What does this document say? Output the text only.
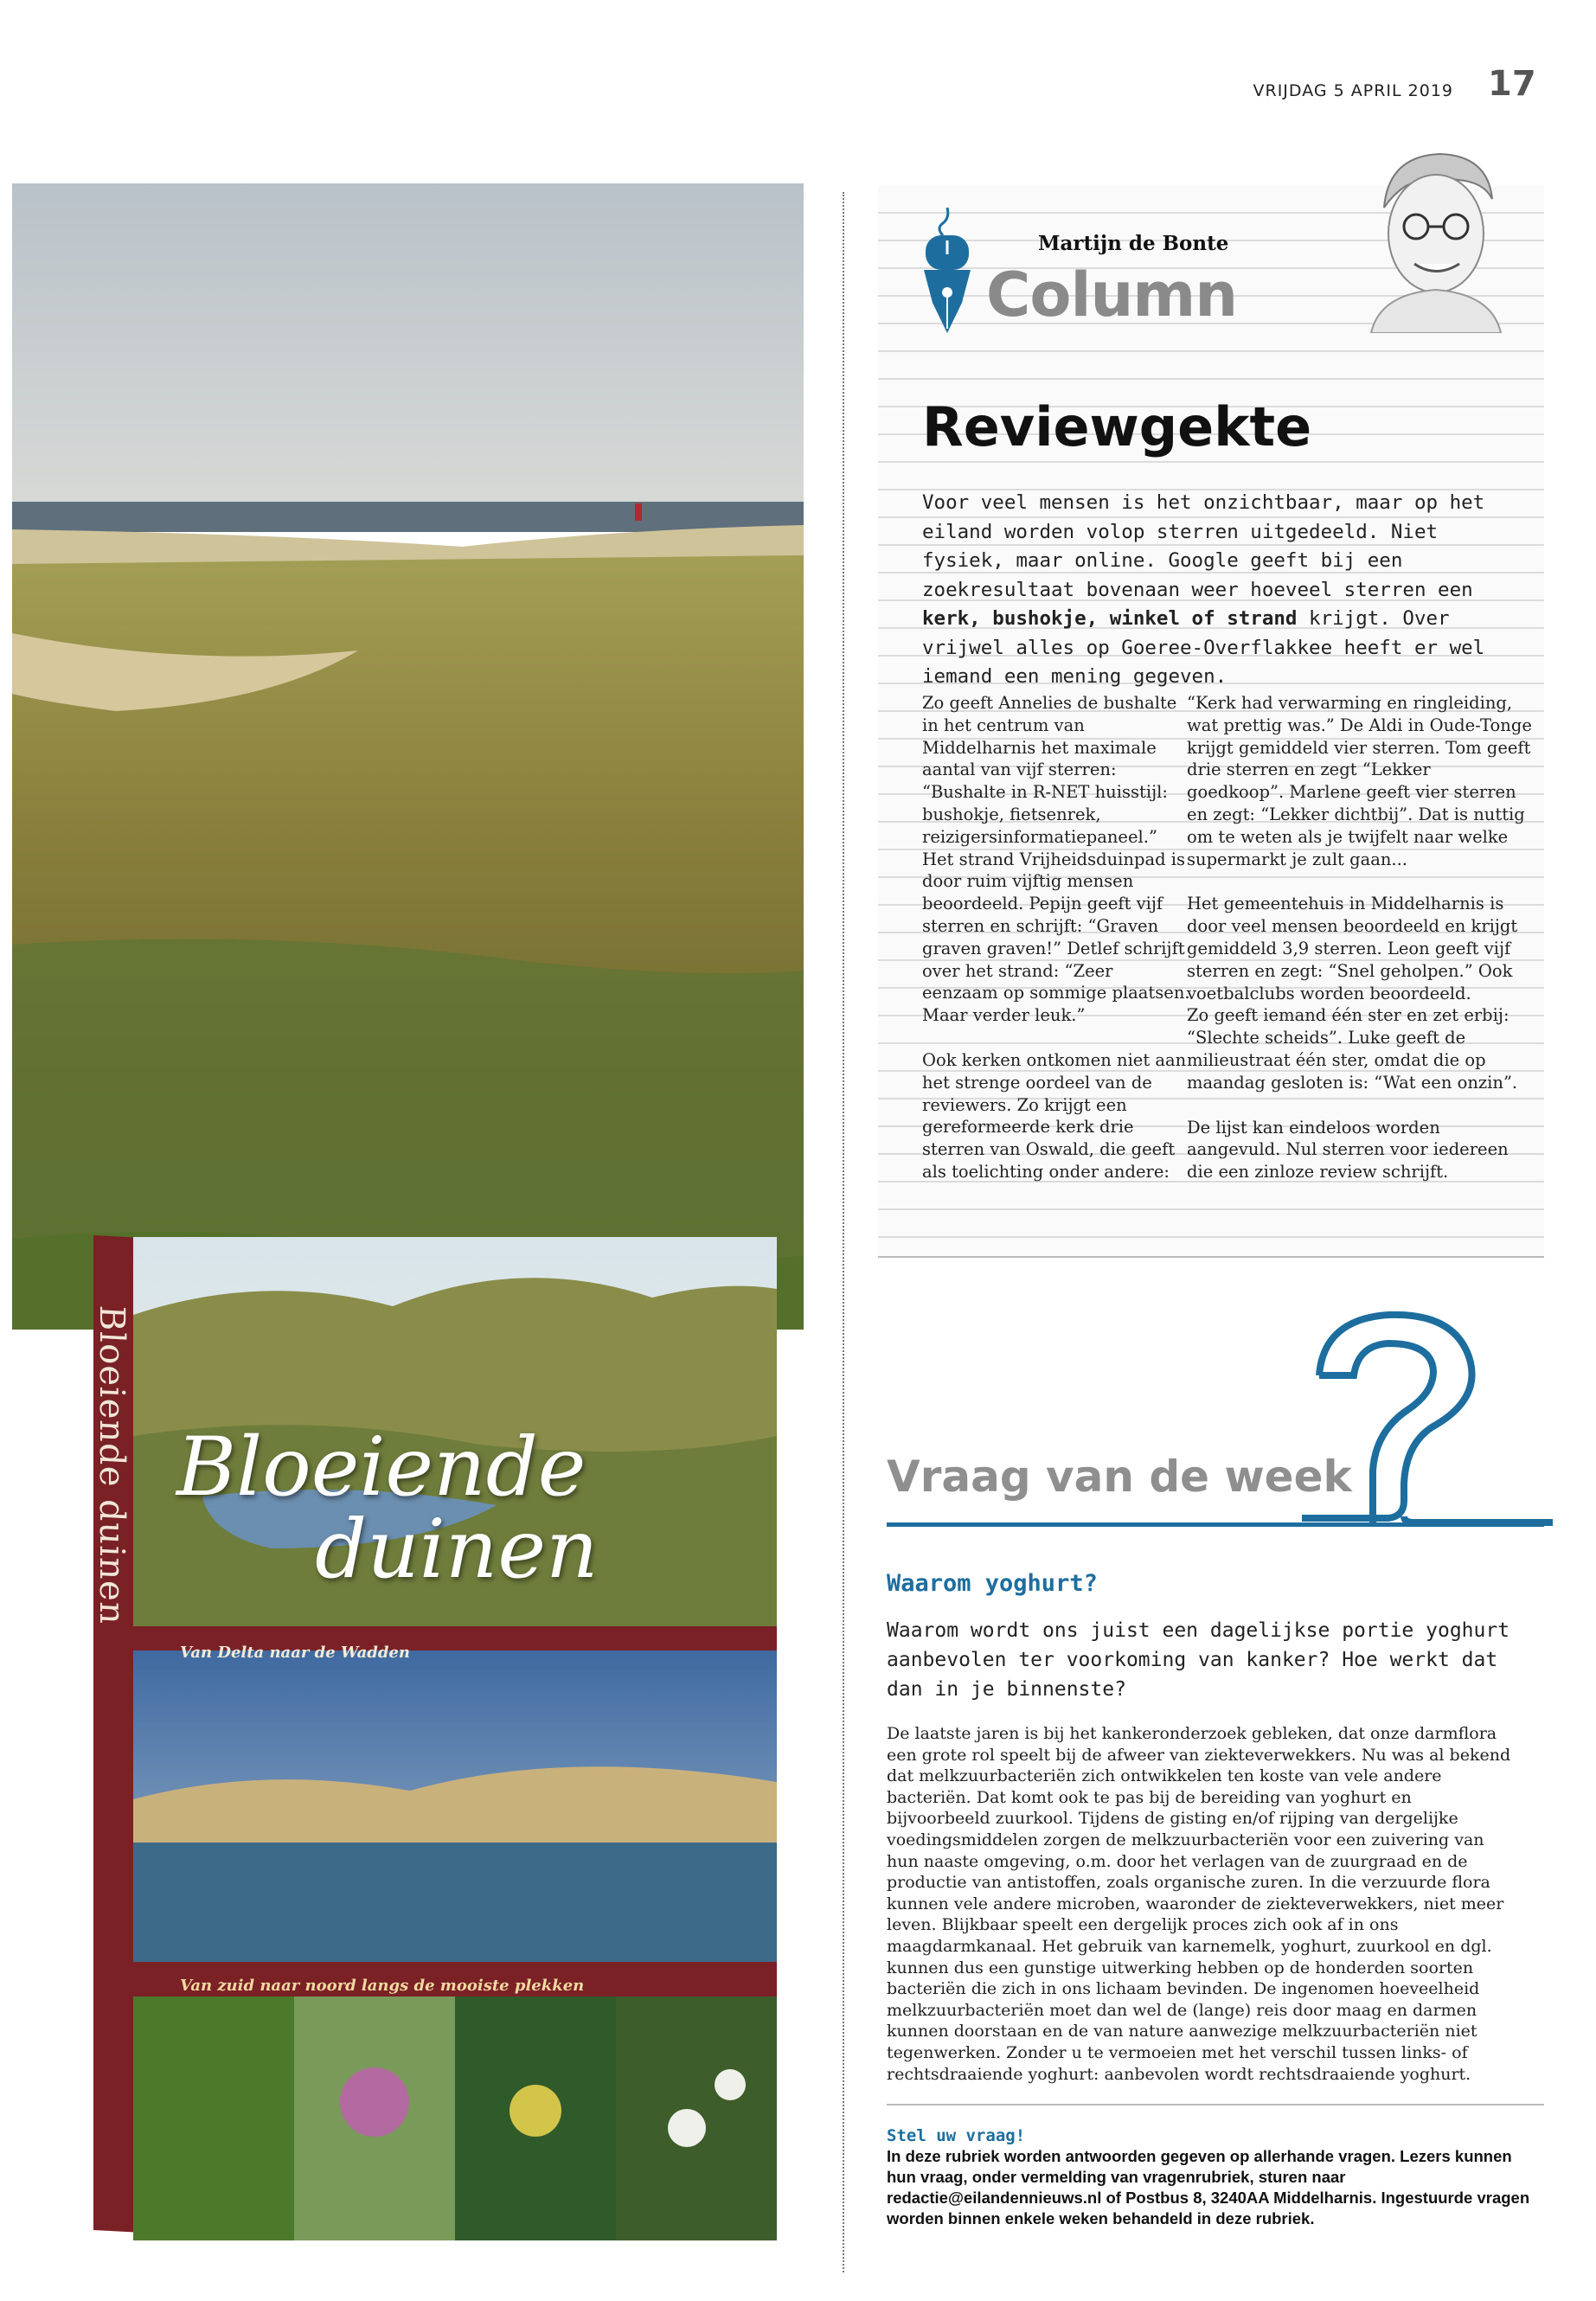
VRIJDAG 5 APRIL 2019 17
Bloeiende duinen Bloeiende
duinen
Van Delta naar de Wadden
Van zuid naar noord langs de mooiste plekken
Martijn de Bonte
Column
Reviewgekte
Voor veel mensen is het onzichtbaar, maar op het eiland worden volop sterren uitgedeeld. Niet fysiek, maar online. Google geeft bij een zoekresultaat bovenaan weer hoeveel sterren een kerk, bushokje, winkel of strand krijgt. Over vrijwel alles op Goeree-Overflakkee heeft er wel iemand een mening gegeven.

Zo geeft Annelies de bushalte in het centrum van Middelharnis het maximale aantal van vijf sterren: “Bushalte in R-NET huisstijl: bushokje, fietsenrek, reizigersinformatiepaneel.” Het strand Vrijheidsduinpad is door ruim vijftig mensen beoordeeld. Pepijn geeft vijf sterren en schrijft: “Graven graven graven!” Detlef schrijft over het strand: “Zeer eenzaam op sommige plaatsen. Maar verder leuk.”

Ook kerken ontkomen niet aan het strenge oordeel van de reviewers. Zo krijgt een gereformeerde kerk drie sterren van Oswald, die geeft als toelichting onder andere:

“Kerk had verwarming en ringleiding, wat prettig was.” De Aldi in Oude-Tonge krijgt gemiddeld vier sterren. Tom geeft drie sterren en zegt “Lekker goedkoop”. Marlene geeft vier sterren en zegt: “Lekker dichtbij”. Dat is nuttig om te weten als je twijfelt naar welke supermarkt je zult gaan...

Het gemeentehuis in Middelharnis is door veel mensen beoordeeld en krijgt gemiddeld 3,9 sterren. Leon geeft vijf sterren en zegt: “Snel geholpen.” Ook voetbalclubs worden beoordeeld.

Zo geeft iemand één ster en zet erbij: “Slechte scheids”. Luke geeft de milieustraat één ster, omdat die op maandag gesloten is: “Wat een onzin”.

De lijst kan eindeloos worden aangevuld. Nul sterren voor iedereen die een zinloze review schrijft.

Vraag van de week
Waarom yoghurt?
Waarom wordt ons juist een dagelijkse portie yoghurt aanbevolen ter voorkoming van kanker? Hoe werkt dat dan in je binnenste?
De laatste jaren is bij het kankeronderzoek gebleken, dat onze darmflora een grote rol speelt bij de afweer van ziekteverwekkers. Nu was al bekend dat melkzuurbacteriën zich ontwikkelen ten koste van vele andere bacteriën. Dat komt ook te pas bij de bereiding van yoghurt en bijvoorbeeld zuurkool. Tijdens de gisting en/of rijping van dergelijke voedingsmiddelen zorgen de melkzuurbacteriën voor een zuivering van hun naaste omgeving, o.m. door het verlagen van de zuurgraad en de productie van antistoffen, zoals organische zuren. In die verzuurde flora kunnen vele andere microben, waaronder de ziekteverwekkers, niet meer leven. Blijkbaar speelt een dergelijk proces zich ook af in ons maagdarmkanaal. Het gebruik van karnemelk, yoghurt, zuurkool en dgl. kunnen dus een gunstige uitwerking hebben op de honderden soorten bacteriën die zich in ons lichaam bevinden. De ingenomen hoeveelheid melkzuurbacteriën moet dan wel de (lange) reis door maag en darmen kunnen doorstaan en de van nature aanwezige melkzuurbacteriën niet tegenwerken. Zonder u te vermoeien met het verschil tussen links- of rechtsdraaiende yoghurt: aanbevolen wordt rechtsdraaiende yoghurt.
Stel uw vraag!
In deze rubriek worden antwoorden gegeven op allerhande vragen. Lezers kunnen hun vraag, onder vermelding van vragenrubriek, sturen naar redactie@eilandennieuws.nl of Postbus 8, 3240AA Middelharnis. Ingestuurde vragen worden binnen enkele weken behandeld in deze rubriek.
